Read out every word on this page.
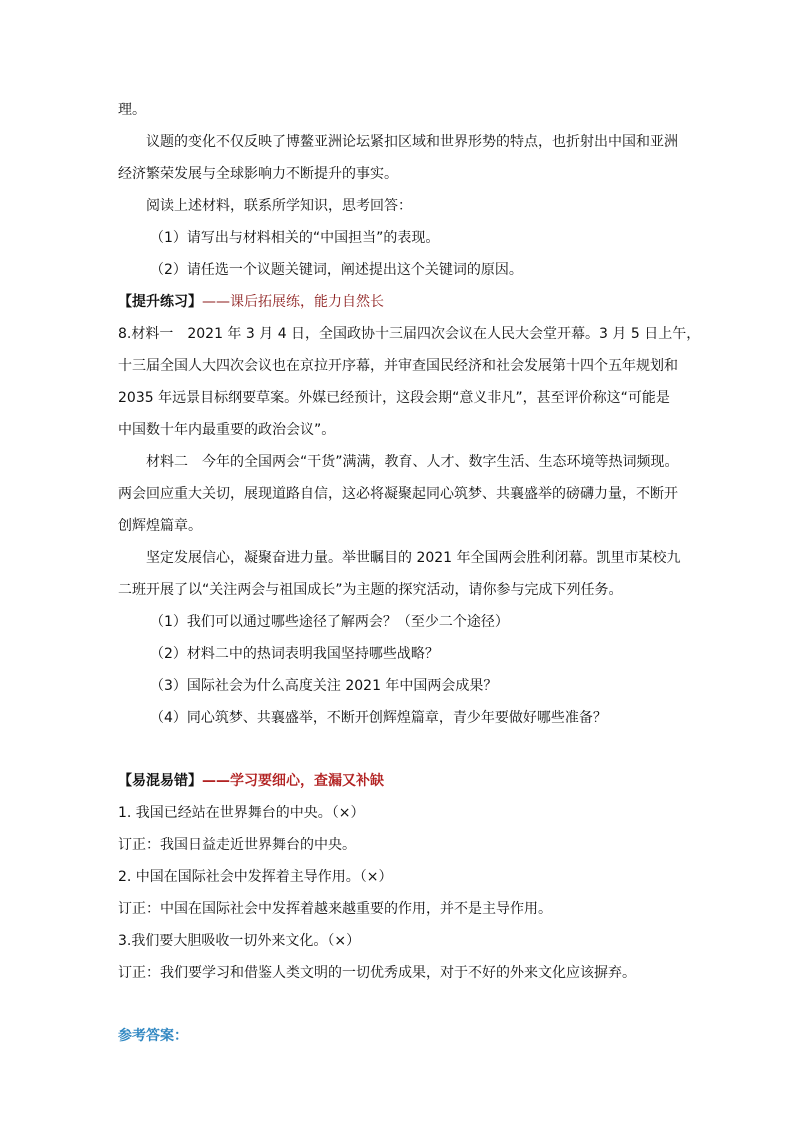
理。
议题的变化不仅反映了博鳌亚洲论坛紧扣区域和世界形势的特点，也折射出中国和亚洲
经济繁荣发展与全球影响力不断提升的事实。
阅读上述材料，联系所学知识，思考回答：
（1）请写出与材料相关的“中国担当”的表现。
（2）请任选一个议题关键词，阐述提出这个关键词的原因。
【提升练习】——课后拓展练，能力自然长
8.材料一　2021 年 3 月 4 日，全国政协十三届四次会议在人民大会堂开幕。3 月 5 日上午，
十三届全国人大四次会议也在京拉开序幕，并审查国民经济和社会发展第十四个五年规划和
2035 年远景目标纲要草案。外媒已经预计，这段会期“意义非凡”，甚至评价称这“可能是
中国数十年内最重要的政治会议”。
材料二　今年的全国两会“干货”满满，教育、人才、数字生活、生态环境等热词频现。
两会回应重大关切，展现道路自信，这必将凝聚起同心筑梦、共襄盛举的磅礴力量，不断开
创辉煌篇章。
坚定发展信心，凝聚奋进力量。举世瞩目的 2021 年全国两会胜利闭幕。凯里市某校九
二班开展了以“关注两会与祖国成长”为主题的探究活动，请你参与完成下列任务。
（1）我们可以通过哪些途径了解两会？（至少二个途径）
（2）材料二中的热词表明我国坚持哪些战略？
（3）国际社会为什么高度关注 2021 年中国两会成果？
（4）同心筑梦、共襄盛举，不断开创辉煌篇章，青少年要做好哪些准备？
【易混易错】——学习要细心，查漏又补缺
1. 我国已经站在世界舞台的中央。（×）
订正：我国日益走近世界舞台的中央。
2. 中国在国际社会中发挥着主导作用。（×）
订正：中国在国际社会中发挥着越来越重要的作用，并不是主导作用。
3.我们要大胆吸收一切外来文化。（×）
订正：我们要学习和借鉴人类文明的一切优秀成果，对于不好的外来文化应该摒弃。
参考答案：
